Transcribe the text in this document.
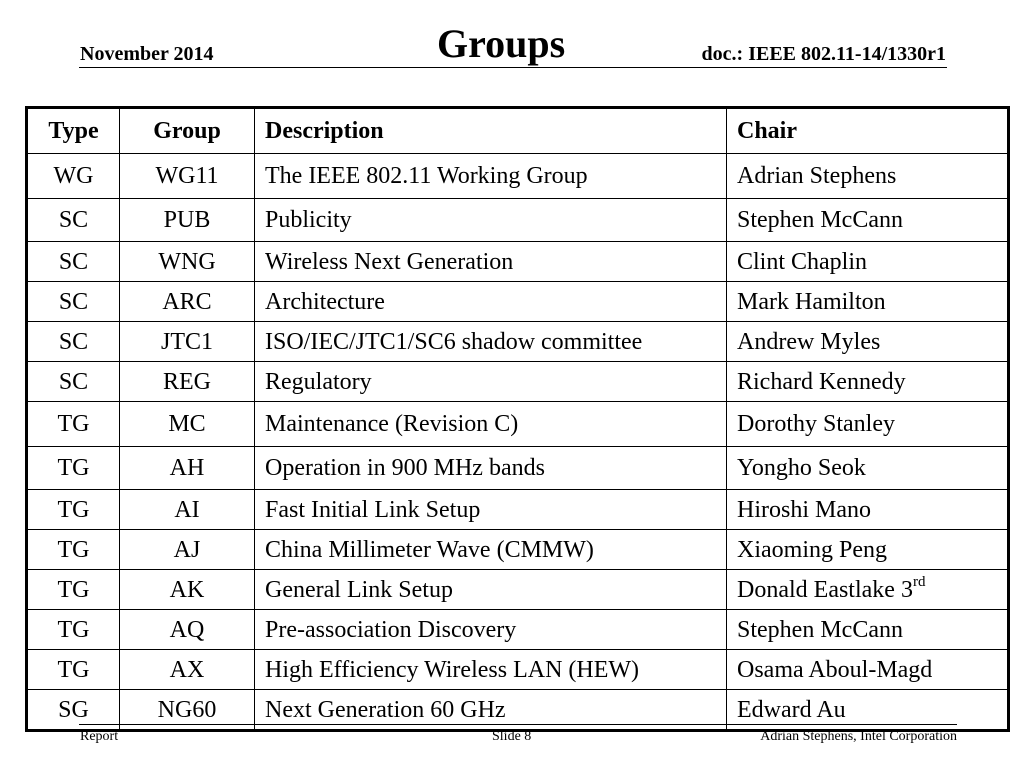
November 2014	Groups	doc.: IEEE 802.11-14/1330r1
Type	Group	Description	Chair
WG	WG11	The IEEE 802.11 Working Group	Adrian Stephens
SC	PUB	Publicity	Stephen McCann
SC	WNG	Wireless Next Generation	Clint Chaplin
SC	ARC	Architecture	Mark Hamilton
SC	JTC1	ISO/IEC/JTC1/SC6 shadow committee	Andrew Myles
SC	REG	Regulatory	Richard Kennedy
TG	MC	Maintenance (Revision C)	Dorothy Stanley
TG	AH	Operation in 900 MHz bands	Yongho Seok
TG	AI	Fast Initial Link Setup	Hiroshi Mano
TG	AJ	China Millimeter Wave (CMMW)	Xiaoming Peng
TG	AK	General Link Setup	Donald Eastlake 3rd
TG	AQ	Pre-association Discovery	Stephen McCann
TG	AX	High Efficiency Wireless LAN (HEW)	Osama Aboul-Magd
SG	NG60	Next Generation 60 GHz	Edward Au
Report	Slide 8	Adrian Stephens, Intel Corporation
